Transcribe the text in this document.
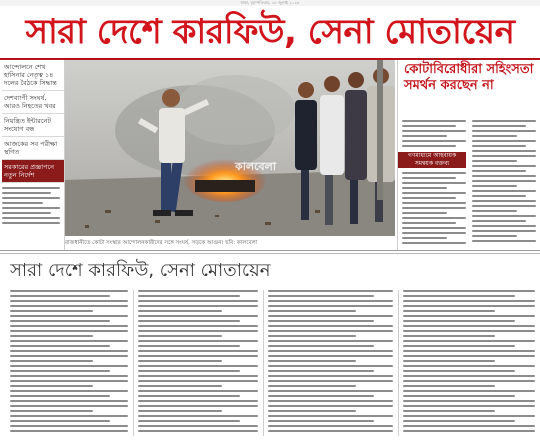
ঢাকা, বৃহস্পতিবার, ১৮ জুলাই ২০২৪
সারা দেশে কারফিউ, সেনা মোতায়েন
আন্দোলনে শেখ হাসিনার নেতৃত্ব ১৪ দলের বৈঠকে সিদ্ধান্ত
দেশব্যাপী সংঘর্ষ, আরও নিহতের খবর
নিয়ন্ত্রিত ইন্টারনেট সংযোগ বন্ধ
আজকের সব পরীক্ষা স্থগিত
সরকারের প্রজ্ঞাপনে নতুন নির্দেশ
কালবেলা
রাজধানীতে কোটা সংস্কার আন্দোলনকারীদের সঙ্গে সংঘর্ষ, সড়কে আগুন। ছবি: কালবেলা
কোটাবিরোধীরা সহিংসতা সমর্থন করছেন না
গণমাধ্যমে আহবায়ক সমন্বয়ক বক্তব্য
সারা দেশে কারফিউ, সেনা মোতায়েন
